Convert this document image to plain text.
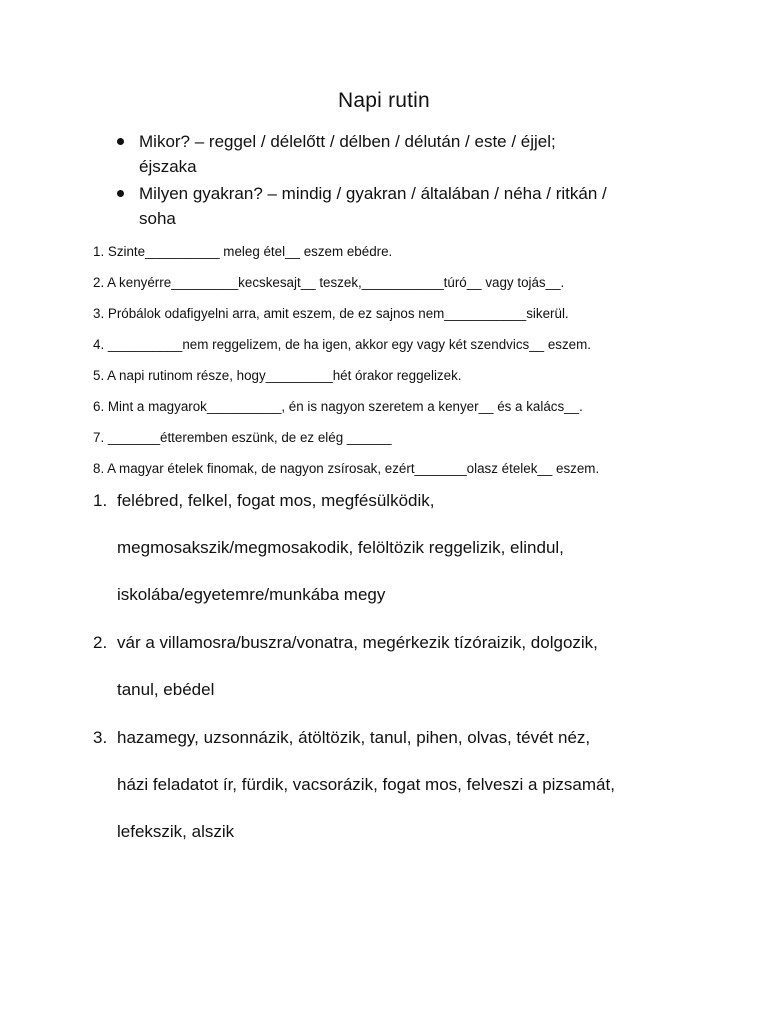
Napi rutin
Mikor? – reggel / délelőtt / délben / délután / este / éjjel;
éjszaka
Milyen gyakran? – mindig / gyakran / általában / néha / ritkán /
soha
1. Szinte__________ meleg étel__ eszem ebédre.
2. A kenyérre_________kecskesajt__ teszek,___________túró__ vagy tojás__.
3. Próbálok odafigyelni arra, amit eszem, de ez sajnos nem___________sikerül.
4. __________nem reggelizem, de ha igen, akkor egy vagy két szendvics__ eszem.
5. A napi rutinom része, hogy_________hét órakor reggelizek.
6. Mint a magyarok__________, én is nagyon szeretem a kenyer__ és a kalács__.
7. _______étteremben eszünk, de ez elég ______
8. A magyar ételek finomak, de nagyon zsírosak, ezért_______olasz ételek__ eszem.
1. felébred, felkel, fogat mos, megfésülködik,
megmosakszik/megmosakodik, felöltözik reggelizik, elindul,
iskolába/egyetemre/munkába megy
2. vár a villamosra/buszra/vonatra, megérkezik tízóraizik, dolgozik,
tanul, ebédel
3. hazamegy, uzsonnázik, átöltözik, tanul, pihen, olvas, tévét néz,
házi feladatot ír, fürdik, vacsorázik, fogat mos, felveszi a pizsamát,
lefekszik, alszik
